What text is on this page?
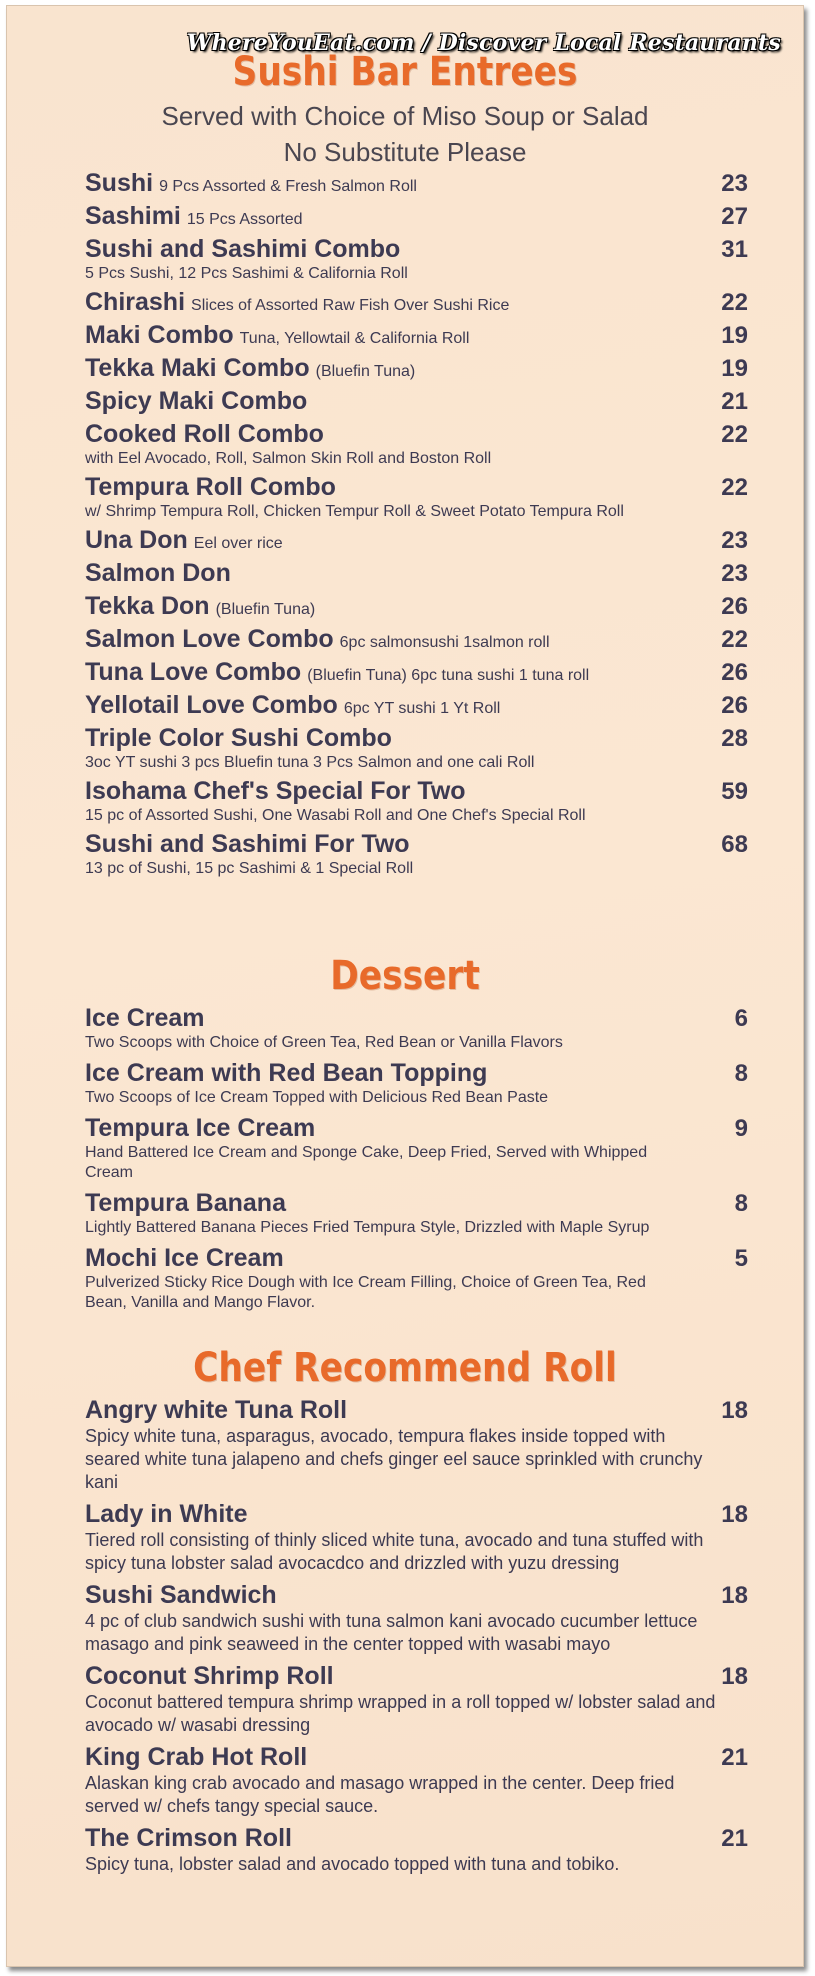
WhereYouEat.com / Discover Local Restaurants
Sushi Bar Entrees

Served with Choice of Miso Soup or Salad

No Substitute Please

Sushi 9 Pcs Assorted & Fresh Salmon Roll	23
Sashimi 15 Pcs Assorted	27
Sushi and Sashimi Combo	31
5 Pcs Sushi, 12 Pcs Sashimi & California Roll
Chirashi Slices of Assorted Raw Fish Over Sushi Rice	22
Maki Combo Tuna, Yellowtail & California Roll	19
Tekka Maki Combo (Bluefin Tuna)	19
Spicy Maki Combo	21
Cooked Roll Combo	22
with Eel Avocado, Roll, Salmon Skin Roll and Boston Roll
Tempura Roll Combo	22
w/ Shrimp Tempura Roll, Chicken Tempur Roll & Sweet Potato Tempura Roll
Una Don Eel over rice	23
Salmon Don	23
Tekka Don (Bluefin Tuna)	26
Salmon Love Combo 6pc salmonsushi 1salmon roll	22
Tuna Love Combo (Bluefin Tuna) 6pc tuna sushi 1 tuna roll	26
Yellotail Love Combo 6pc YT sushi 1 Yt Roll	26
Triple Color Sushi Combo	28
3oc YT sushi 3 pcs Bluefin tuna 3 Pcs Salmon and one cali Roll
Isohama Chef's Special For Two	59
15 pc of Assorted Sushi, One Wasabi Roll and One Chef's Special Roll
Sushi and Sashimi For Two	68
13 pc of Sushi, 15 pc Sashimi & 1 Special Roll
Dessert
Ice Cream	6
Two Scoops with Choice of Green Tea, Red Bean or Vanilla Flavors
Ice Cream with Red Bean Topping	8
Two Scoops of Ice Cream Topped with Delicious Red Bean Paste
Tempura Ice Cream	9
Hand Battered Ice Cream and Sponge Cake, Deep Fried, Served with Whipped Cream
Tempura Banana	8
Lightly Battered Banana Pieces Fried Tempura Style, Drizzled with Maple Syrup
Mochi Ice Cream	5
Pulverized Sticky Rice Dough with Ice Cream Filling, Choice of Green Tea, Red Bean, Vanilla and Mango Flavor.
Chef Recommend Roll
Angry white Tuna Roll	18
Spicy white tuna, asparagus, avocado, tempura flakes inside topped with seared white tuna jalapeno and chefs ginger eel sauce sprinkled with crunchy kani
Lady in White	18
Tiered roll consisting of thinly sliced white tuna, avocado and tuna stuffed with spicy tuna lobster salad avocacdco and drizzled with yuzu dressing
Sushi Sandwich	18
4 pc of club sandwich sushi with tuna salmon kani avocado cucumber lettuce masago and pink seaweed in the center topped with wasabi mayo
Coconut Shrimp Roll	18
Coconut battered tempura shrimp wrapped in a roll topped w/ lobster salad and avocado w/ wasabi dressing
King Crab Hot Roll	21
Alaskan king crab avocado and masago wrapped in the center. Deep fried served w/ chefs tangy special sauce.
The Crimson Roll	21
Spicy tuna, lobster salad and avocado topped with tuna and tobiko.
